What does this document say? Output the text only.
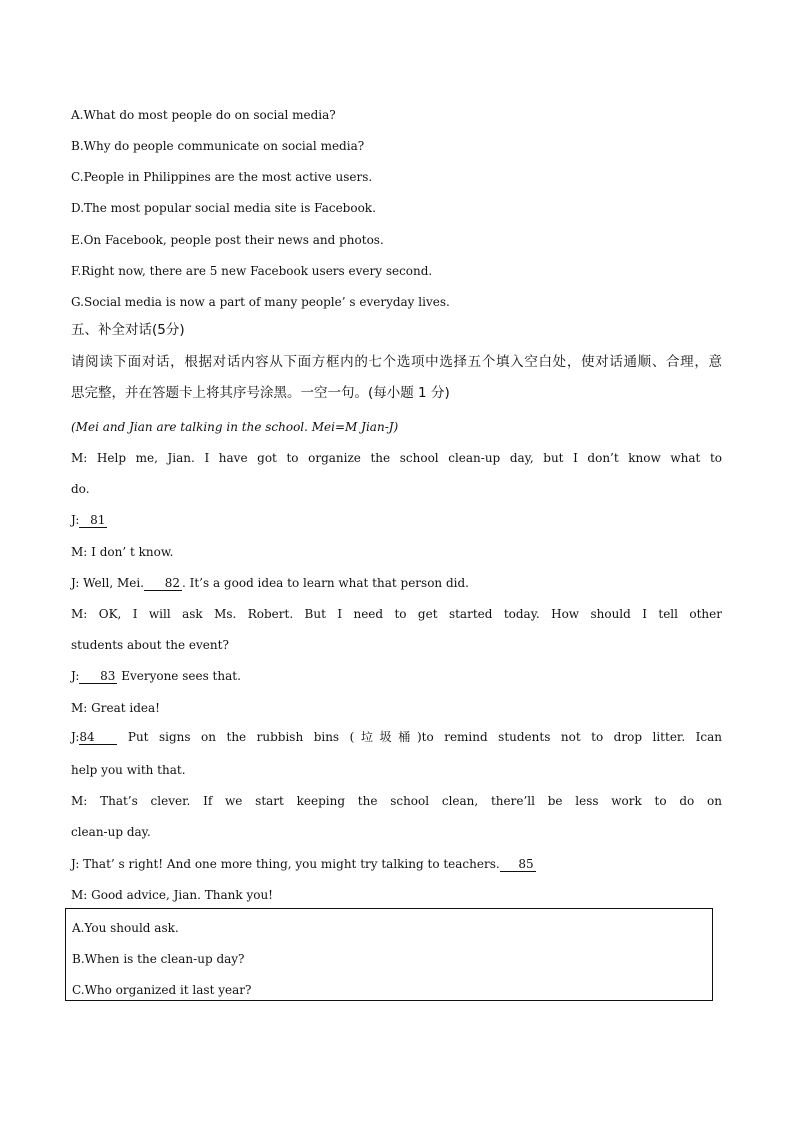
A.What do most people do on social media?
B.Why do people communicate on social media?
C.People in Philippines are the most active users.
D.The most popular social media site is Facebook.
E.On Facebook, people post their news and photos.
F.Right now, there are 5 new Facebook users every second.
G.Social media is now a part of many people’ s everyday lives.
五、补全对话(5分)
请阅读下面对话，根据对话内容从下面方框内的七个选项中选择五个填入空白处，使对话通顺、合理，意
思完整，并在答题卡上将其序号涂黑。一空一句。(每小题 1 分)
(Mei and Jian are talking in the school. Mei=M Jian-J)
M: Help me, Jian. I have got to organize the school clean-up day, but I don’t know what to
do.
J: 81
M: I don’ t know.
J: Well, Mei. 82 . It’s a good idea to learn what that person did.
M: OK, I will ask Ms. Robert. But I need to get started today. How should I tell other
students about the event?
J: 83 Everyone sees that.
M: Great idea!
J:84 Put signs on the rubbish bins (垃圾桶)to remind students not to drop litter. Ican
help you with that.
M: That’s clever. If we start keeping the school clean, there’ll be less work to do on
clean-up day.
J: That’ s right! And one more thing, you might try talking to teachers. 85
M: Good advice, Jian. Thank you!
A.You should ask.
B.When is the clean-up day?
C.Who organized it last year?
